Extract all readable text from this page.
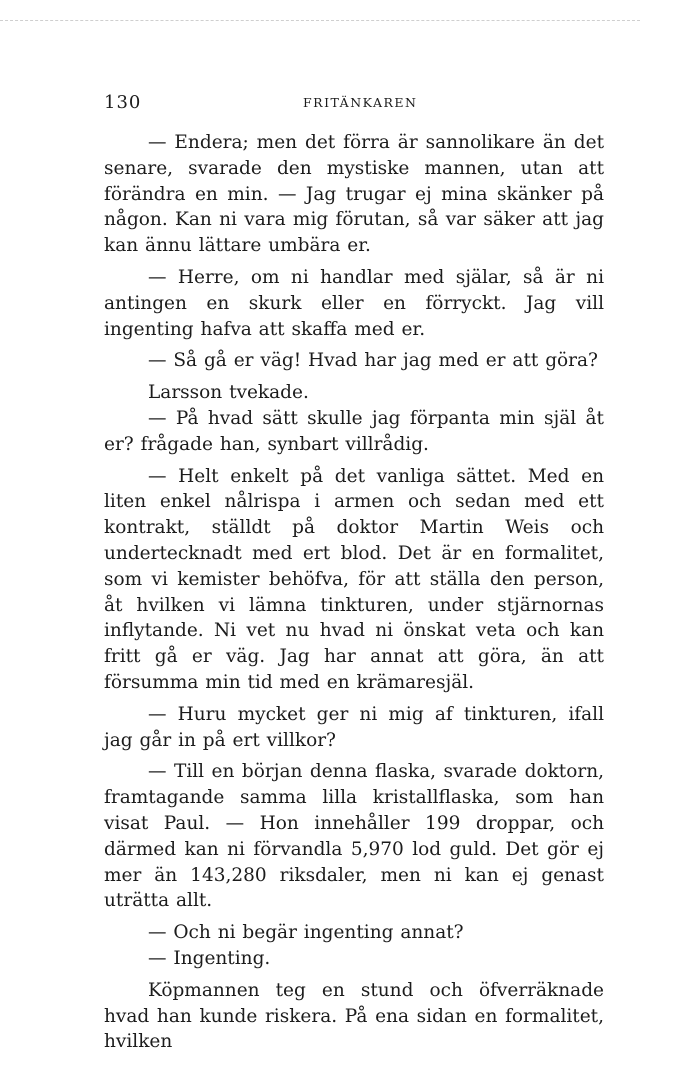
130	FRITÄNKAREN

— Endera; men det förra är sannolikare än det senare, svarade den mystiske mannen, utan att förändra en min. — Jag trugar ej mina skänker på någon. Kan ni vara mig förutan, så var säker att jag kan ännu lättare umbära er.

— Herre, om ni handlar med själar, så är ni antingen en skurk eller en förryckt. Jag vill ingenting hafva att skaffa med er.

— Så gå er väg! Hvad har jag med er att göra?

Larsson tvekade.

— På hvad sätt skulle jag förpanta min själ åt er? frågade han, synbart villrådig.

— Helt enkelt på det vanliga sättet. Med en liten enkel nålrispa i armen och sedan med ett kontrakt, ställdt på doktor Martin Weis och undertecknadt med ert blod. Det är en formalitet, som vi kemister behöfva, för att ställa den person, åt hvilken vi lämna tinkturen, under stjärnornas inflytande. Ni vet nu hvad ni önskat veta och kan fritt gå er väg. Jag har annat att göra, än att försumma min tid med en krämaresjäl.

— Huru mycket ger ni mig af tinkturen, ifall jag går in på ert villkor?

— Till en början denna flaska, svarade doktorn, framtagande samma lilla kristallflaska, som han visat Paul. — Hon innehåller 199 droppar, och därmed kan ni förvandla 5,970 lod guld. Det gör ej mer än 143,280 riksdaler, men ni kan ej genast uträtta allt.

— Och ni begär ingenting annat?

— Ingenting.

Köpmannen teg en stund och öfverräknade hvad han kunde riskera. På ena sidan en formalitet, hvilken
